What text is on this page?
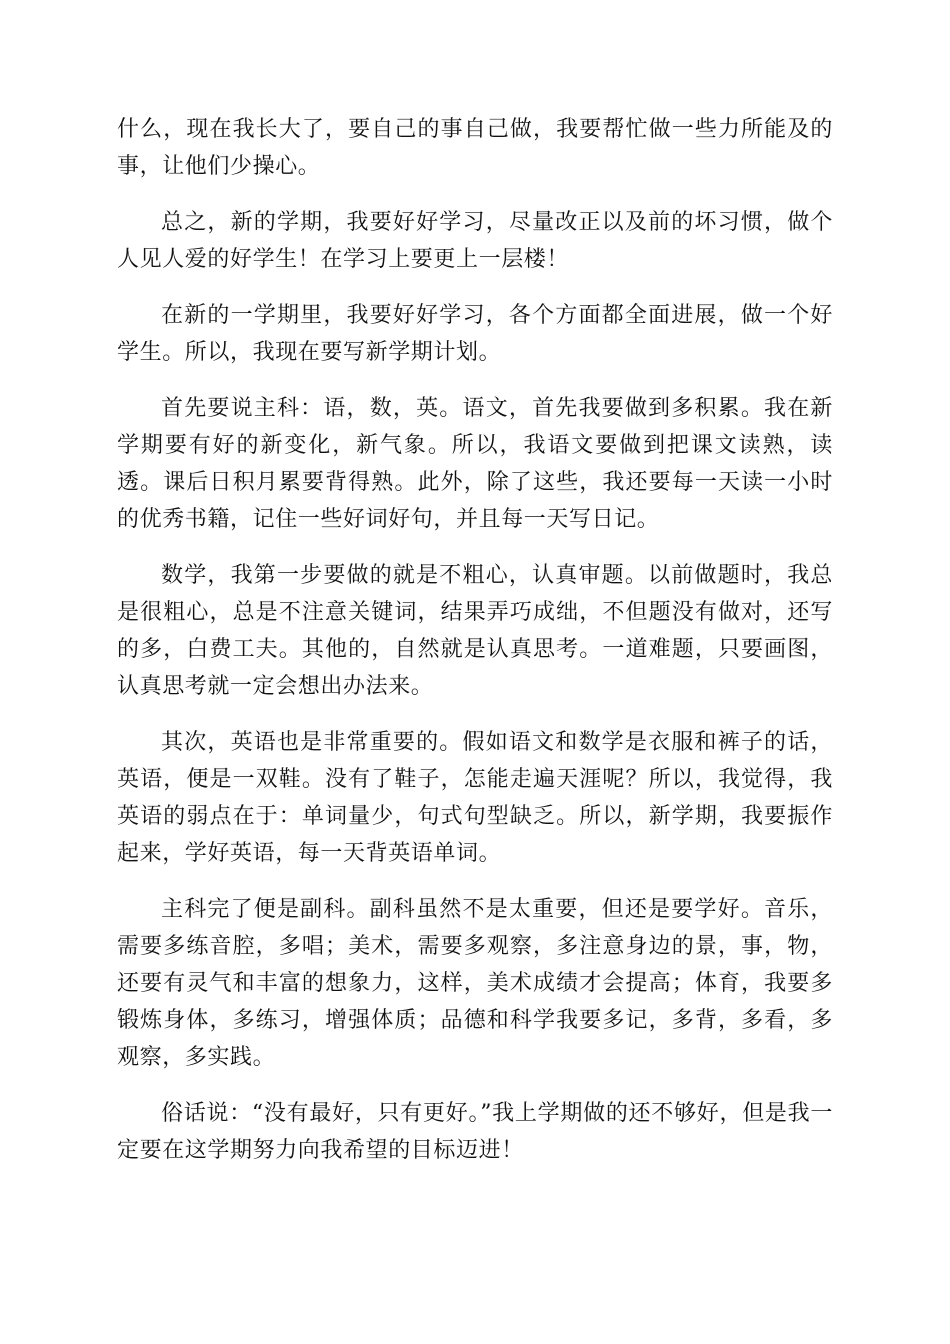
什么，现在我长大了，要自己的事自己做，我要帮忙做一些力所能及的事，让他们少操心。

总之，新的学期，我要好好学习，尽量改正以及前的坏习惯，做个人见人爱的好学生！在学习上要更上一层楼！

在新的一学期里，我要好好学习，各个方面都全面进展，做一个好学生。所以，我现在要写新学期计划。

首先要说主科：语，数，英。语文，首先我要做到多积累。我在新学期要有好的新变化，新气象。所以，我语文要做到把课文读熟，读透。课后日积月累要背得熟。此外，除了这些，我还要每一天读一小时的优秀书籍，记住一些好词好句，并且每一天写日记。

数学，我第一步要做的就是不粗心，认真审题。以前做题时，我总是很粗心，总是不注意关键词，结果弄巧成绌，不但题没有做对，还写的多，白费工夫。其他的，自然就是认真思考。一道难题，只要画图，认真思考就一定会想出办法来。

其次，英语也是非常重要的。假如语文和数学是衣服和裤子的话，英语，便是一双鞋。没有了鞋子，怎能走遍天涯呢？所以，我觉得，我英语的弱点在于：单词量少，句式句型缺乏。所以，新学期，我要振作起来，学好英语，每一天背英语单词。

主科完了便是副科。副科虽然不是太重要，但还是要学好。音乐，需要多练音腔，多唱；美术，需要多观察，多注意身边的景，事，物，还要有灵气和丰富的想象力，这样，美术成绩才会提高；体育，我要多锻炼身体，多练习，增强体质；品德和科学我要多记，多背，多看，多观察，多实践。

俗话说：“没有最好，只有更好。”我上学期做的还不够好，但是我一定要在这学期努力向我希望的目标迈进！
